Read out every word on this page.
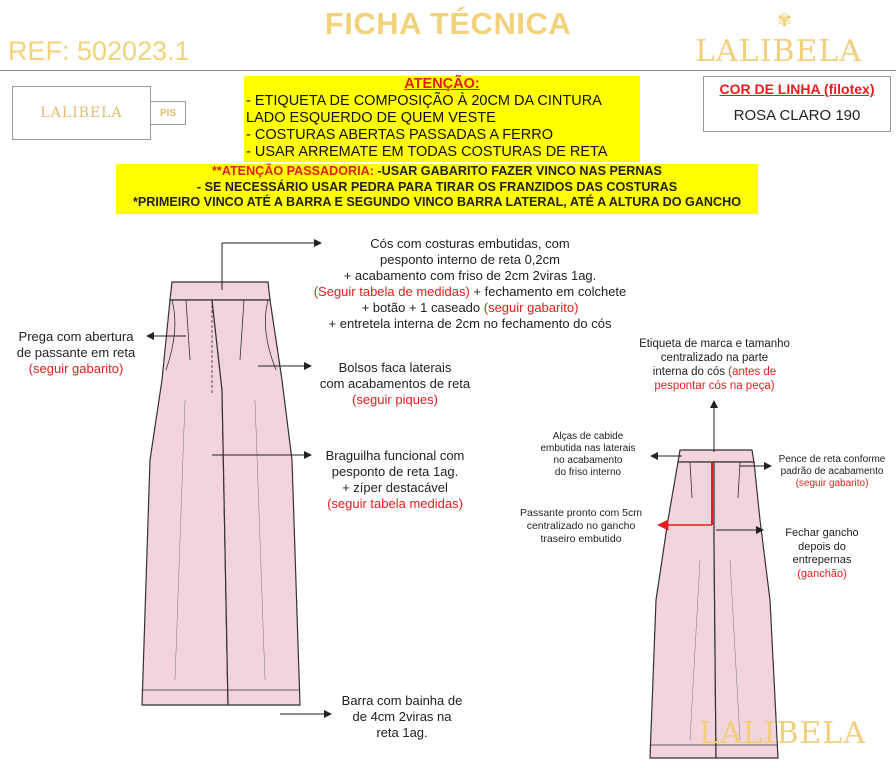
FICHA TÉCNICA
REF: 502023.1
✾
LALIBELA
LALIBELA	PIS
ATENÇÃO:
- ETIQUETA DE COMPOSIÇÃO À 20CM DA CINTURA
LADO ESQUERDO DE QUEM VESTE
- COSTURAS ABERTAS PASSADAS A FERRO
- USAR ARREMATE EM TODAS COSTURAS DE RETA
COR DE LINHA (filotex)
ROSA CLARO 190
**ATENÇÃO PASSADORIA: -USAR GABARITO FAZER VINCO NAS PERNAS
- SE NECESSÁRIO USAR PEDRA PARA TIRAR OS FRANZIDOS DAS COSTURAS
*PRIMEIRO VINCO ATÉ A BARRA E SEGUNDO VINCO BARRA LATERAL, ATÉ A ALTURA DO GANCHO
Cós com costuras embutidas, com
pesponto interno de reta 0,2cm
+ acabamento com friso de 2cm 2viras 1ag.
(Seguir tabela de medidas) + fechamento em colchete
+ botão + 1 caseado (seguir gabarito)
+ entretela interna de 2cm no fechamento do cós
Prega com abertura
de passante em reta
(seguir gabarito)	Bolsos faca laterais
com acabamentos de reta
(seguir piques)
Braguilha funcional com
pesponto de reta 1ag.
+ zíper destacável
(seguir tabela medidas)
Barra com bainha de
de 4cm 2viras na
reta 1ag.
Etiqueta de marca e tamanho
centralizado na parte
interna do cós (antes de
pespontar cós na peça)
Alças de cabide
embutida nas laterais
no acabamento
do friso interno
Pence de reta conforme
padrão de acabamento
(seguir gabarito)
Passante pronto com 5cm
centralizado no gancho
traseiro embutido	Fechar gancho
depois do
entrepernas
(ganchão)
LALIBELA
